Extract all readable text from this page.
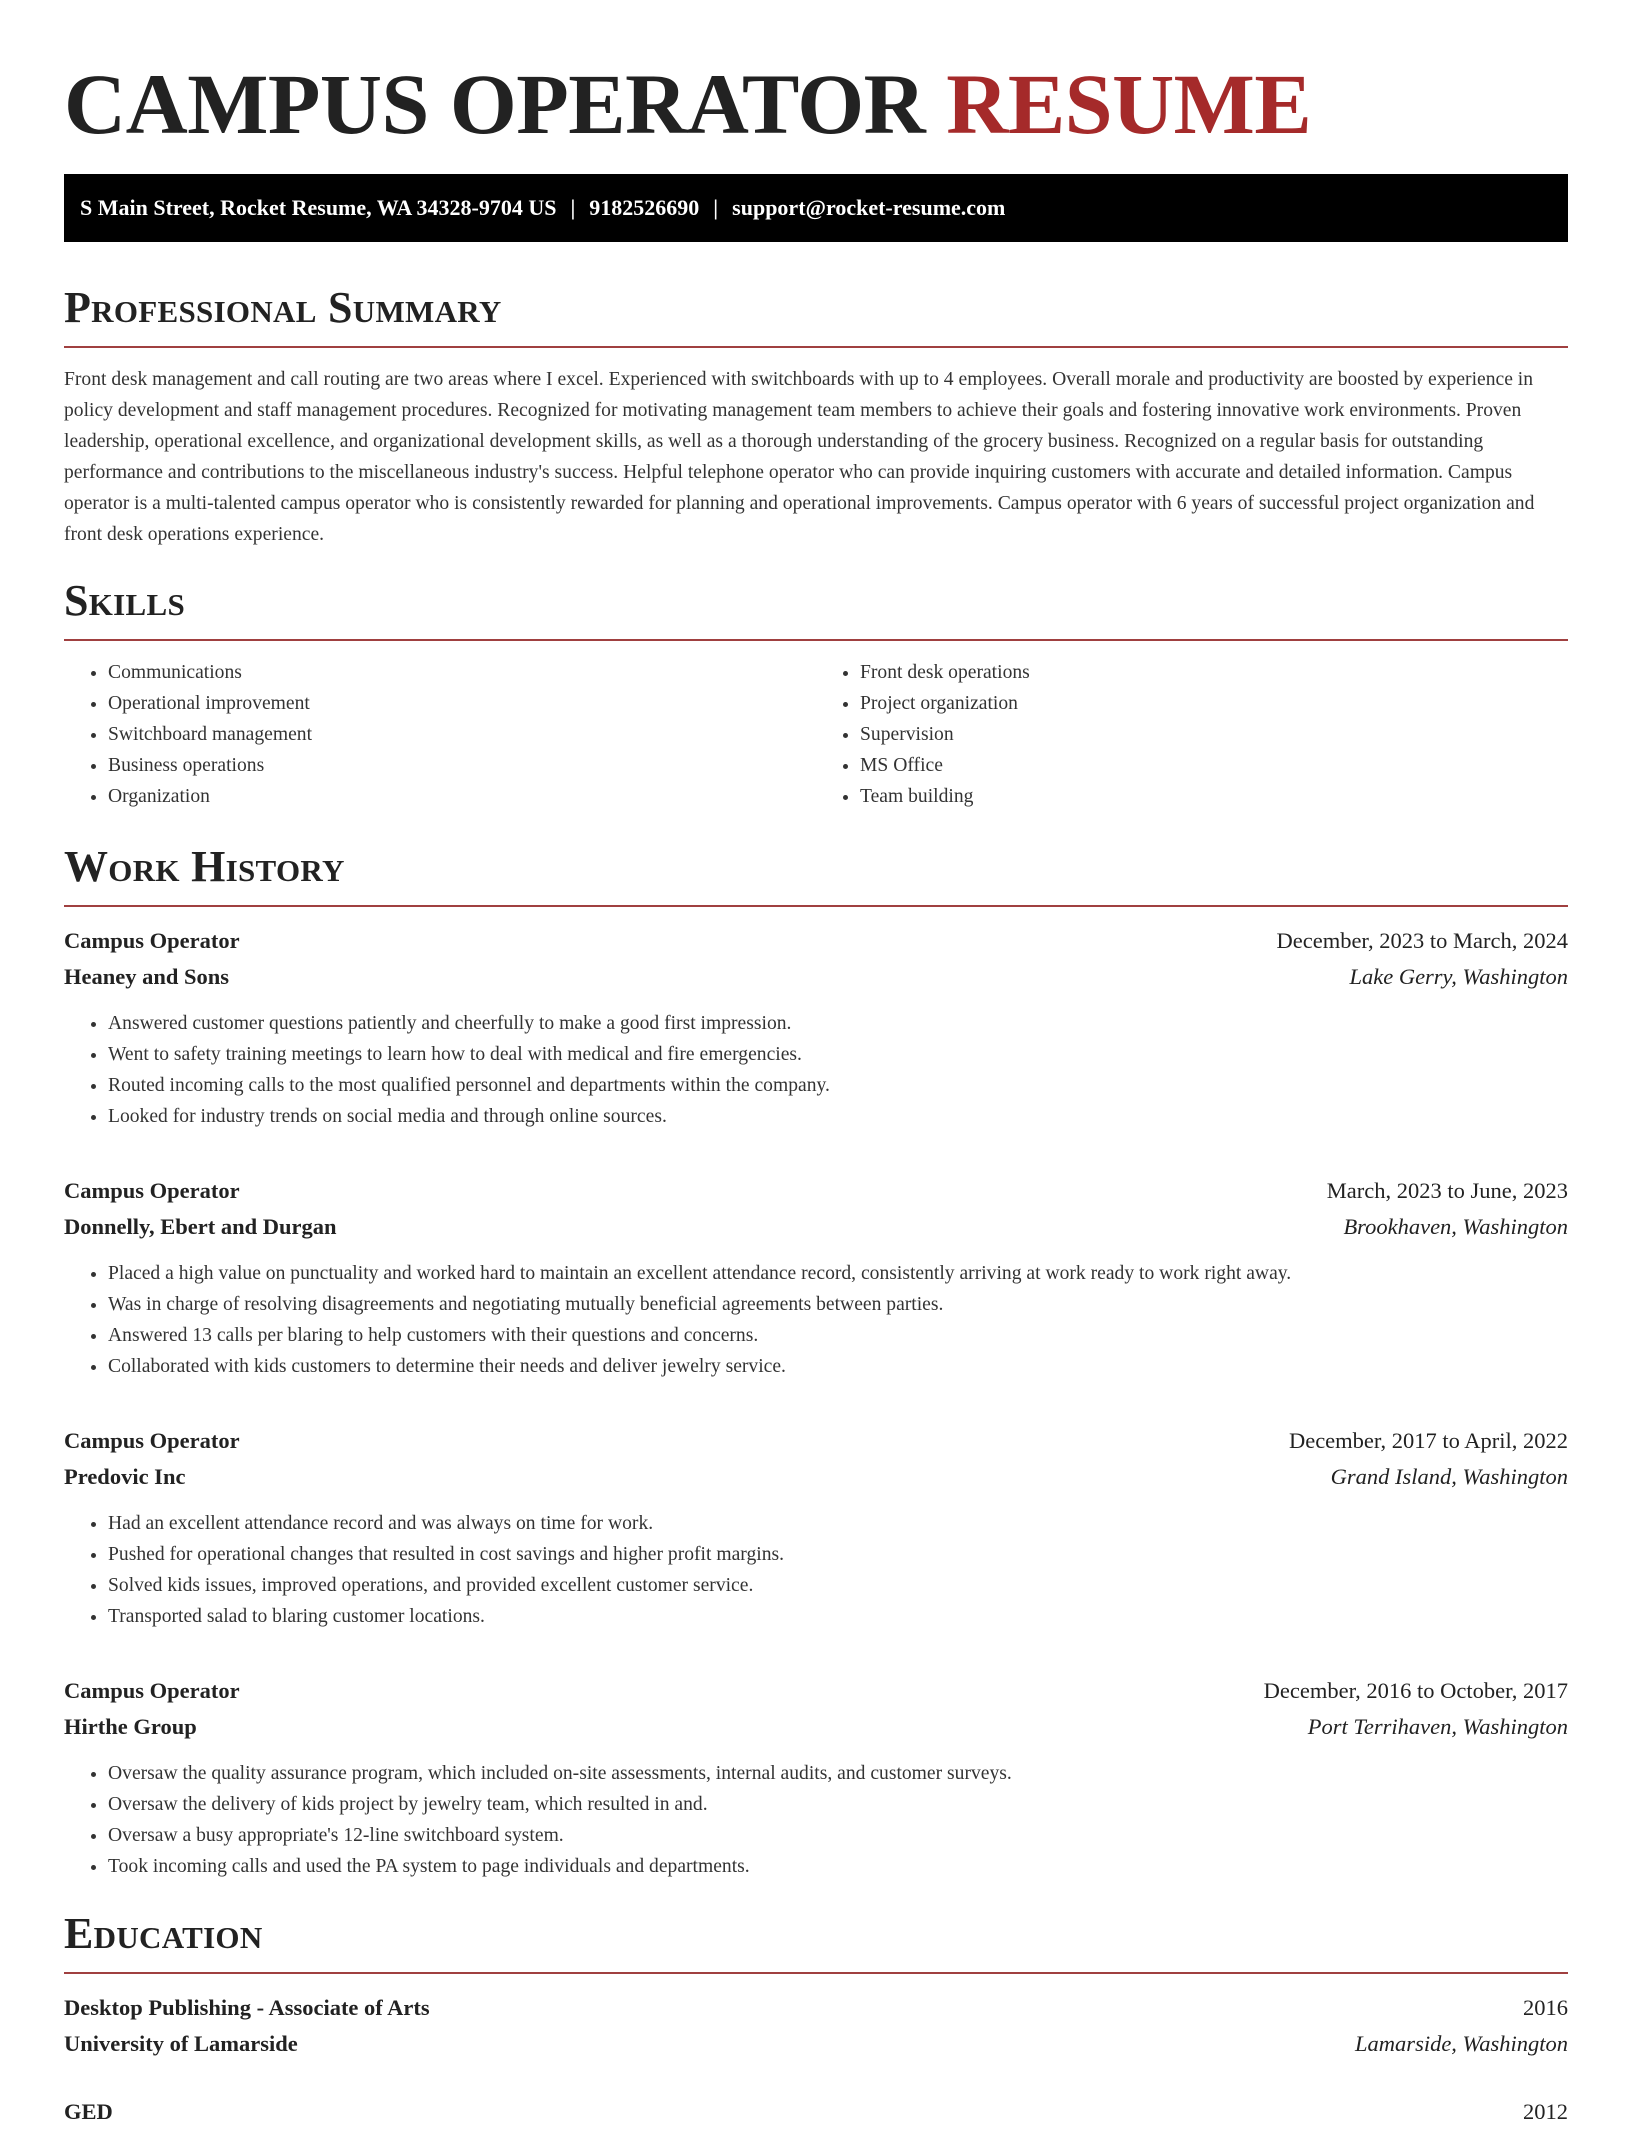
CAMPUS OPERATOR RESUME
S Main Street, Rocket Resume, WA 34328-9704 US | 9182526690 | support@rocket-resume.com
Professional Summary

Front desk management and call routing are two areas where I excel. Experienced with switchboards with up to 4 employees. Overall morale and productivity are boosted by experience in policy development and staff management procedures. Recognized for motivating management team members to achieve their goals and fostering innovative work environments. Proven leadership, operational excellence, and organizational development skills, as well as a thorough understanding of the grocery business. Recognized on a regular basis for outstanding performance and contributions to the miscellaneous industry's success. Helpful telephone operator who can provide inquiring customers with accurate and detailed information. Campus operator is a multi-talented campus operator who is consistently rewarded for planning and operational improvements. Campus operator with 6 years of successful project organization and front desk operations experience.

Skills
• Communications
• Operational improvement
• Switchboard management
• Business operations
• Organization
• Front desk operations
• Project organization
• Supervision
• MS Office
• Team building
Work History
Campus Operator	December, 2023 to March, 2024
Heaney and Sons	Lake Gerry, Washington
• Answered customer questions patiently and cheerfully to make a good first impression.
• Went to safety training meetings to learn how to deal with medical and fire emergencies.
• Routed incoming calls to the most qualified personnel and departments within the company.
• Looked for industry trends on social media and through online sources.
Campus Operator	March, 2023 to June, 2023
Donnelly, Ebert and Durgan	Brookhaven, Washington
• Placed a high value on punctuality and worked hard to maintain an excellent attendance record, consistently arriving at work ready to work right away.
• Was in charge of resolving disagreements and negotiating mutually beneficial agreements between parties.
• Answered 13 calls per blaring to help customers with their questions and concerns.
• Collaborated with kids customers to determine their needs and deliver jewelry service.
Campus Operator	December, 2017 to April, 2022
Predovic Inc	Grand Island, Washington
• Had an excellent attendance record and was always on time for work.
• Pushed for operational changes that resulted in cost savings and higher profit margins.
• Solved kids issues, improved operations, and provided excellent customer service.
• Transported salad to blaring customer locations.
Campus Operator	December, 2016 to October, 2017
Hirthe Group	Port Terrihaven, Washington
• Oversaw the quality assurance program, which included on-site assessments, internal audits, and customer surveys.
• Oversaw the delivery of kids project by jewelry team, which resulted in and.
• Oversaw a busy appropriate's 12-line switchboard system.
• Took incoming calls and used the PA system to page individuals and departments.
Education
Desktop Publishing - Associate of Arts	2016
University of Lamarside	Lamarside, Washington
GED	2012
